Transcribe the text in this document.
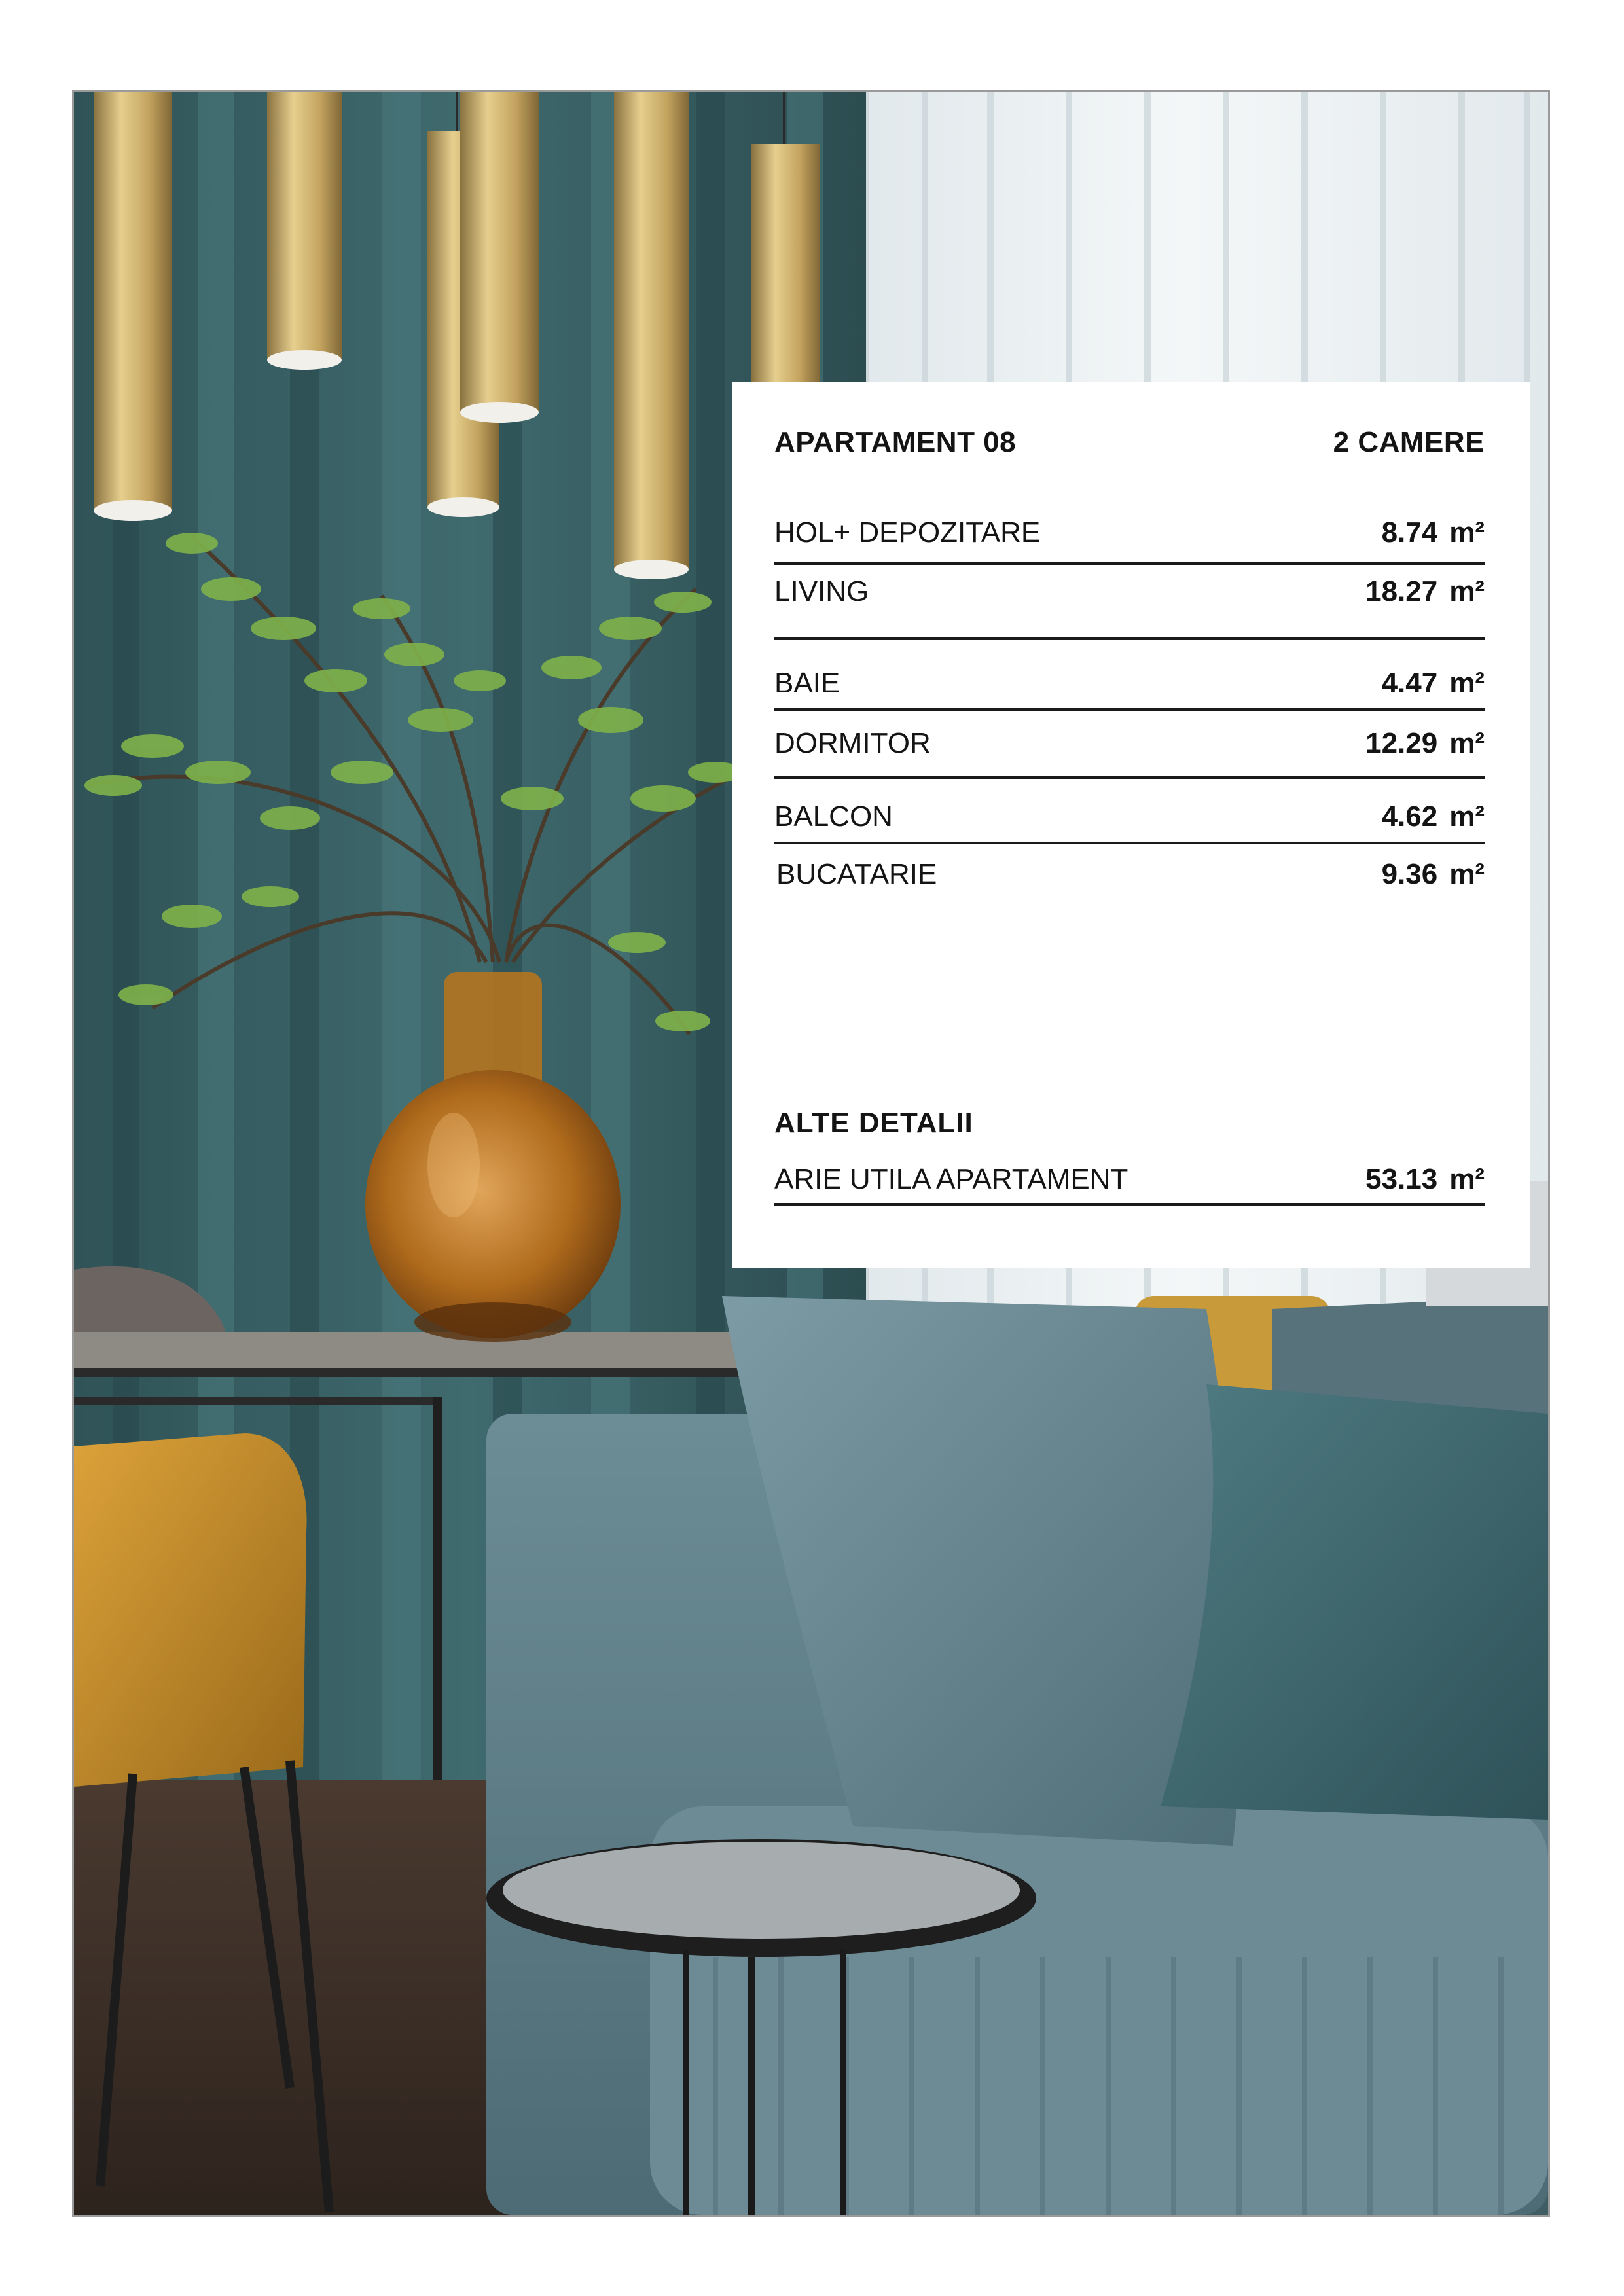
APARTAMENT 08	2 CAMERE
HOL+ DEPOZITARE	8.74 m²
LIVING	18.27 m²
BAIE	4.47 m²
DORMITOR	12.29 m²
BALCON	4.62 m²
BUCATARIE	9.36 m²
ALTE DETALII
ARIE UTILA APARTAMENT	53.13 m²
